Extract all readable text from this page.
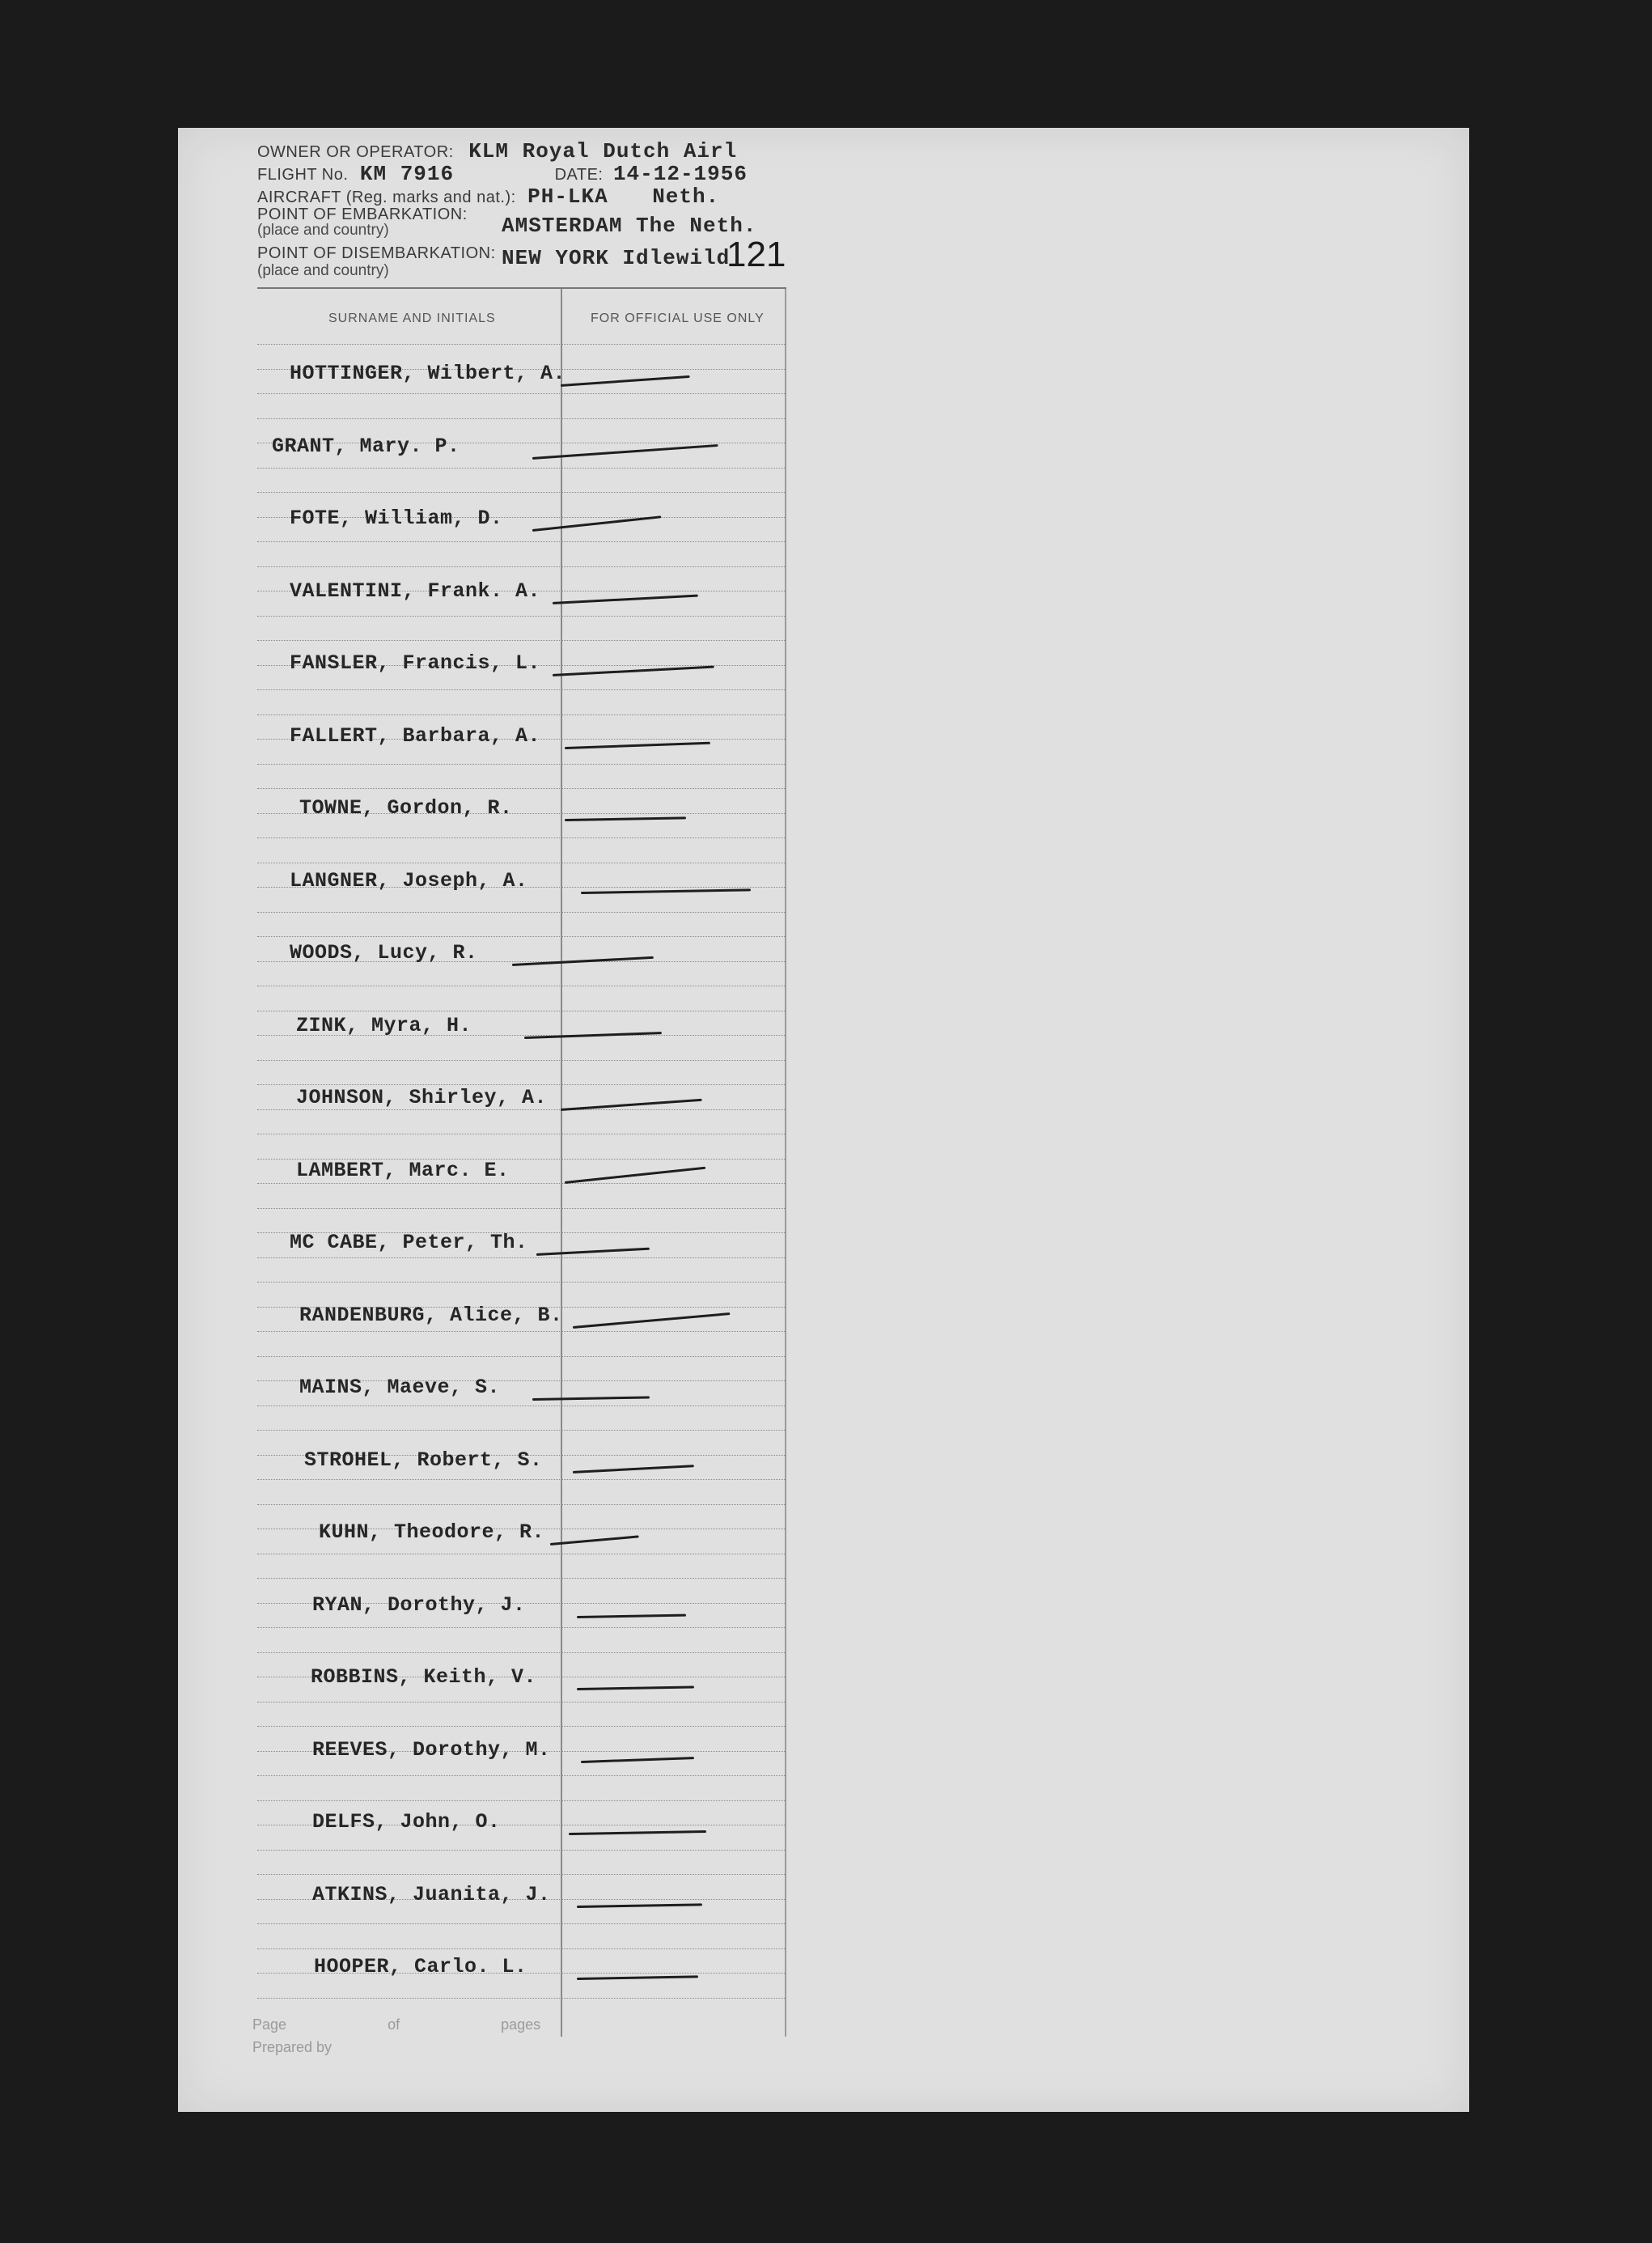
OWNER OR OPERATOR: KLM Royal Dutch Airl
FLIGHT No. KM 7916	DATE: 14-12-1956
AIRCRAFT (Reg. marks and nat.): PH-LKA Neth.
POINT OF EMBARKATION:
(place and country)	AMSTERDAM The Neth.
POINT OF DISEMBARKATION:
(place and country)
NEW YORK Idlewild
121
SURNAME AND INITIALS	FOR OFFICIAL USE ONLY
HOTTINGER, Wilbert, A.
GRANT, Mary. P.
FOTE, William, D.
VALENTINI, Frank. A.
FANSLER, Francis, L.
FALLERT, Barbara, A.
TOWNE, Gordon, R.
LANGNER, Joseph, A.
WOODS, Lucy, R.
ZINK, Myra, H.
JOHNSON, Shirley, A.
LAMBERT, Marc. E.
MC CABE, Peter, Th.
RANDENBURG, Alice, B.
MAINS, Maeve, S.
STROHEL, Robert, S.
KUHN, Theodore, R.
RYAN, Dorothy, J.
ROBBINS, Keith, V.
REEVES, Dorothy, M.
DELFS, John, O.
ATKINS, Juanita, J.
HOOPER, Carlo. L.
Page	of	pages
Prepared by
